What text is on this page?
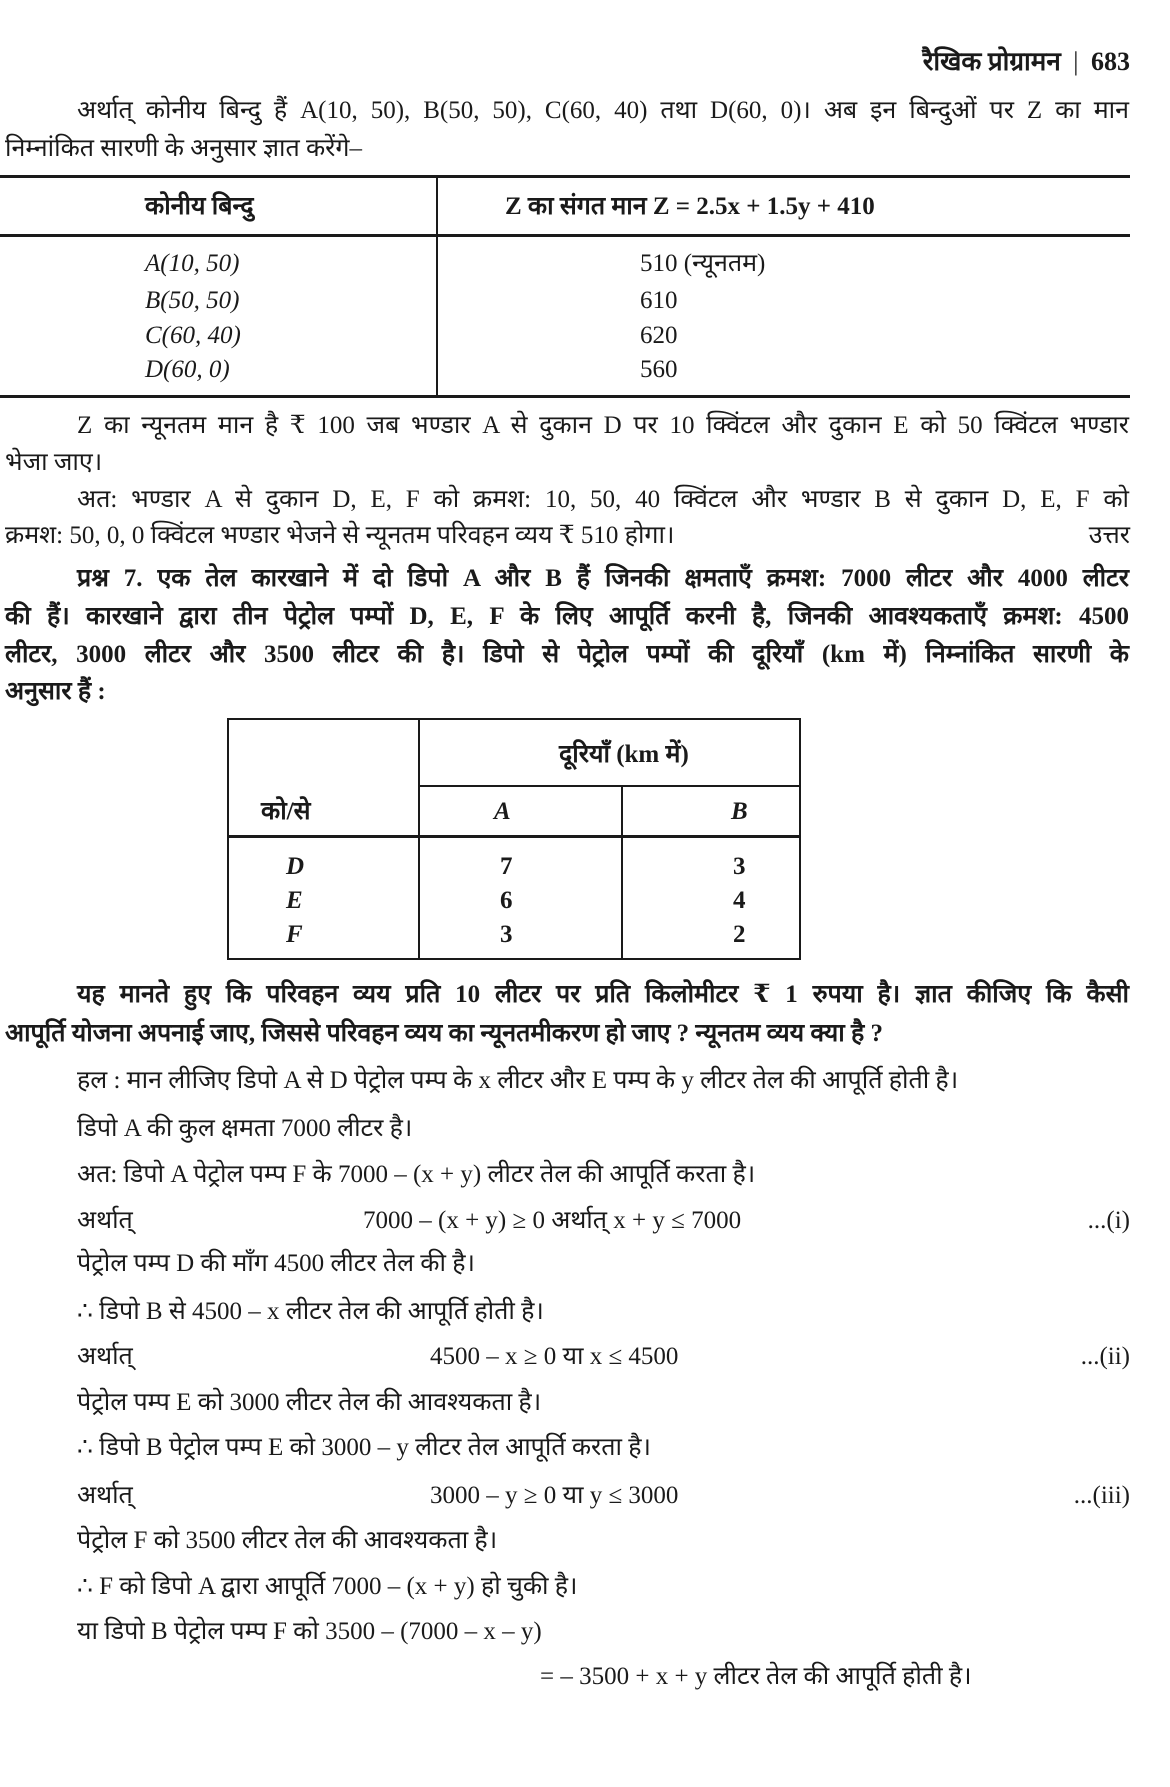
रैखिक प्रोग्रामन | 683
अर्थात् कोनीय बिन्दु हैं A(10, 50), B(50, 50), C(60, 40) तथा D(60, 0)। अब इन बिन्दुओं पर Z का मान
निम्नांकित सारणी के अनुसार ज्ञात करेंगे–
कोनीय बिन्दु	Z का संगत मान Z = 2.5x + 1.5y + 410
A(10, 50)	510 (न्यूनतम)
B(50, 50)	610
C(60, 40)	620
D(60, 0)	560
Z का न्यूनतम मान है ₹ 100 जब भण्डार A से दुकान D पर 10 क्विंटल और दुकान E को 50 क्विंटल भण्डार
भेजा जाए।
अत: भण्डार A से दुकान D, E, F को क्रमश: 10, 50, 40 क्विंटल और भण्डार B से दुकान D, E, F को
क्रमश: 50, 0, 0 क्विंटल भण्डार भेजने से न्यूनतम परिवहन व्यय ₹ 510 होगा।	उत्तर
प्रश्न 7. एक तेल कारखाने में दो डिपो A और B हैं जिनकी क्षमताएँ क्रमश: 7000 लीटर और 4000 लीटर
की हैं। कारखाने द्वारा तीन पेट्रोल पम्पों D, E, F के लिए आपूर्ति करनी है, जिनकी आवश्यकताएँ क्रमश: 4500
लीटर, 3000 लीटर और 3500 लीटर की है। डिपो से पेट्रोल पम्पों की दूरियाँ (km में) निम्नांकित सारणी के
अनुसार हैं :
दूरियाँ (km में)
को/से	A	B
D	7	3
E	6	4
F	3	2
यह मानते हुए कि परिवहन व्यय प्रति 10 लीटर पर प्रति किलोमीटर ₹ 1 रुपया है। ज्ञात कीजिए कि कैसी
आपूर्ति योजना अपनाई जाए, जिससे परिवहन व्यय का न्यूनतमीकरण हो जाए ? न्यूनतम व्यय क्या है ?
हल : मान लीजिए डिपो A से D पेट्रोल पम्प के x लीटर और E पम्प के y लीटर तेल की आपूर्ति होती है।
डिपो A की कुल क्षमता 7000 लीटर है।
अत: डिपो A पेट्रोल पम्प F के 7000 – (x + y) लीटर तेल की आपूर्ति करता है।
अर्थात्	7000 – (x + y) ≥ 0 अर्थात् x + y ≤ 7000	...(i)
पेट्रोल पम्प D की माँग 4500 लीटर तेल की है।
∴ डिपो B से 4500 – x लीटर तेल की आपूर्ति होती है।
अर्थात्	4500 – x ≥ 0 या x ≤ 4500	...(ii)
पेट्रोल पम्प E को 3000 लीटर तेल की आवश्यकता है।
∴ डिपो B पेट्रोल पम्प E को 3000 – y लीटर तेल आपूर्ति करता है।
अर्थात्	3000 – y ≥ 0 या y ≤ 3000	...(iii)
पेट्रोल F को 3500 लीटर तेल की आवश्यकता है।
∴ F को डिपो A द्वारा आपूर्ति 7000 – (x + y) हो चुकी है।
या डिपो B पेट्रोल पम्प F को 3500 – (7000 – x – y)
= – 3500 + x + y लीटर तेल की आपूर्ति होती है।
